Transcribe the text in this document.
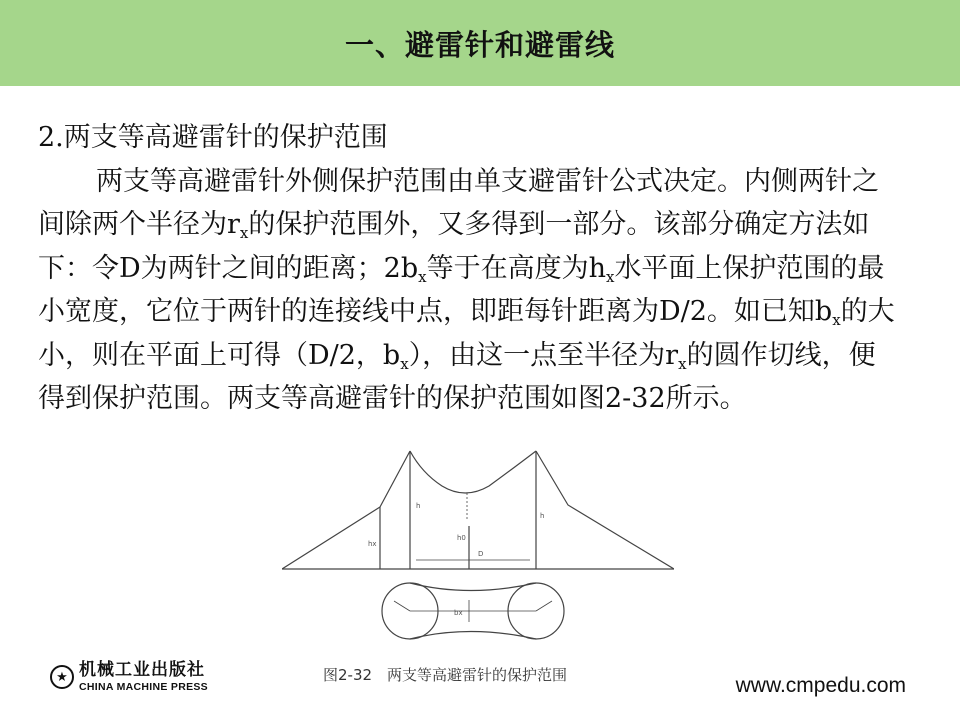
一、避雷针和避雷线

2.两支等高避雷针的保护范围

两支等高避雷针外侧保护范围由单支避雷针公式决定。内侧两针之间除两个半径为$r_x$的保护范围外，又多得到一部分。该部分确定方法如下：令D为两针之间的距离；$2b_x$等于在高度为$h_x$水平面上保护范围的最小宽度，它位于两针的连接线中点，即距每针距离为D/2。如已知$b_x$的大小，则在平面上可得（D/2，$b_x$），由这一点至半径为$r_x$的圆作切线，便得到保护范围。两支等高避雷针的保护范围如图2-32所示。

h
h
hx
h0
D
bx
图2-32　两支等高避雷针的保护范围
★ 机械工业出版社
CHINA MACHINE PRESS	www.cmpedu.com
